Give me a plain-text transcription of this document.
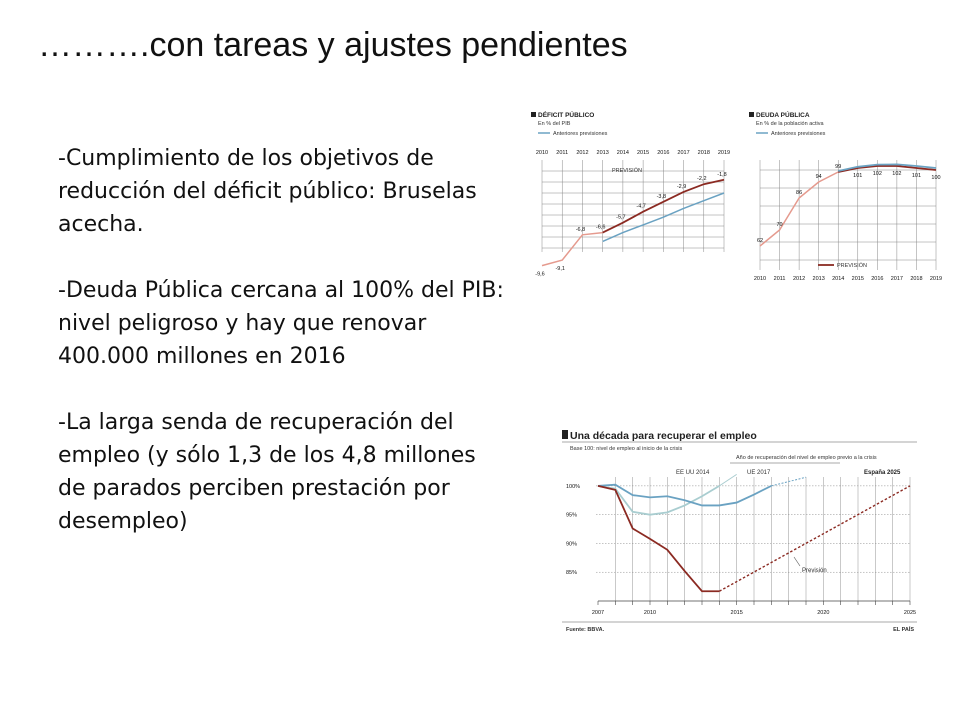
……….con tareas y ajustes pendientes

-Cumplimiento de los objetivos de reducción del déficit público: Bruselas acecha.

-Deuda Pública cercana al 100% del PIB: nivel peligroso y hay que renovar 400.000 millones en 2016

-La larga senda de recuperación del empleo (y sólo 1,3 de los 4,8 millones de parados perciben prestación por desempleo)

DÉFICIT PÚBLICO
En % del PIB
Anteriores previsiones
2010 2011 2012 2013 2014 2015 2016 2017 2018 2019
PREVISIÓN
-9,6
-9,1
-6,8 -6,6
-5,7
-4,7
-3,8
-2,9
-2,2
-1,8
DEUDA PÚBLICA
En % de la población activa
Anteriores previsiones
2010 2011 2012 2013 2014 2015 2016 2017 2018 2019
PREVISIÓN
62
70
86
94
99
101 102 102 101 100
Una década para recuperar el empleo
Base 100: nivel de empleo al inicio de la crisis
Año de recuperación del nivel de empleo previo a la crisis
100%
95%
90%
85%
2007	2010	2015	2020	2025
EE UU 2014	UE 2017	España 2025
Previsión
Fuente: BBVA.	EL PAÍS
